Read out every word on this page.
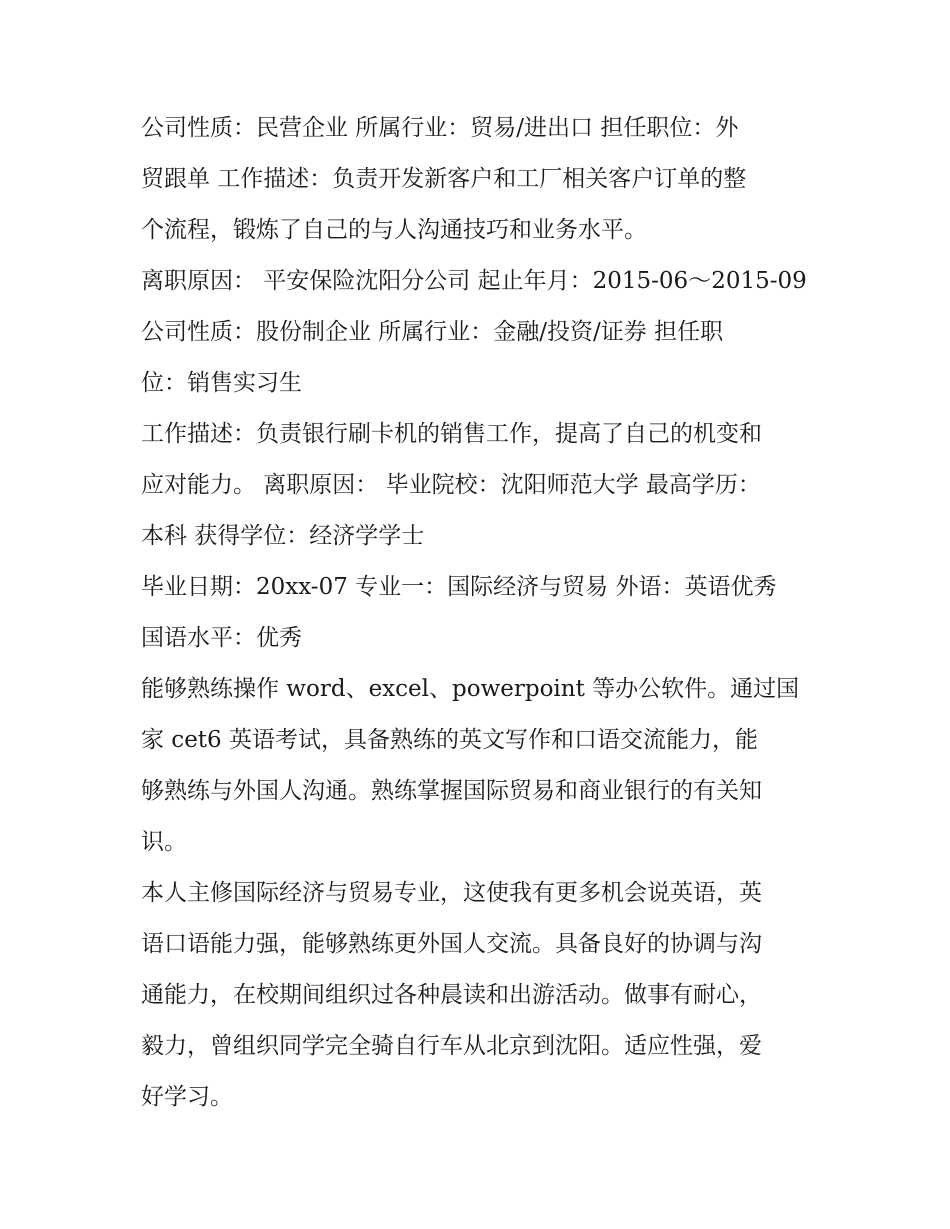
公司性质：民营企业 所属行业：贸易/进出口 担任职位：外
贸跟单 工作描述：负责开发新客户和工厂相关客户订单的整
个流程，锻炼了自己的与人沟通技巧和业务水平。
离职原因： 平安保险沈阳分公司 起止年月：2015-06～2015-09
公司性质：股份制企业 所属行业：金融/投资/证券 担任职
位：销售实习生
工作描述：负责银行刷卡机的销售工作，提高了自己的机变和
应对能力。 离职原因： 毕业院校：沈阳师范大学 最高学历：
本科 获得学位：经济学学士
毕业日期：20xx-07 专业一：国际经济与贸易 外语：英语优秀
国语水平：优秀
能够熟练操作 word、excel、powerpoint 等办公软件。通过国
家 cet6 英语考试，具备熟练的英文写作和口语交流能力，能
够熟练与外国人沟通。熟练掌握国际贸易和商业银行的有关知
识。
本人主修国际经济与贸易专业，这使我有更多机会说英语，英
语口语能力强，能够熟练更外国人交流。具备良好的协调与沟
通能力，在校期间组织过各种晨读和出游活动。做事有耐心，
毅力，曾组织同学完全骑自行车从北京到沈阳。适应性强，爱
好学习。
